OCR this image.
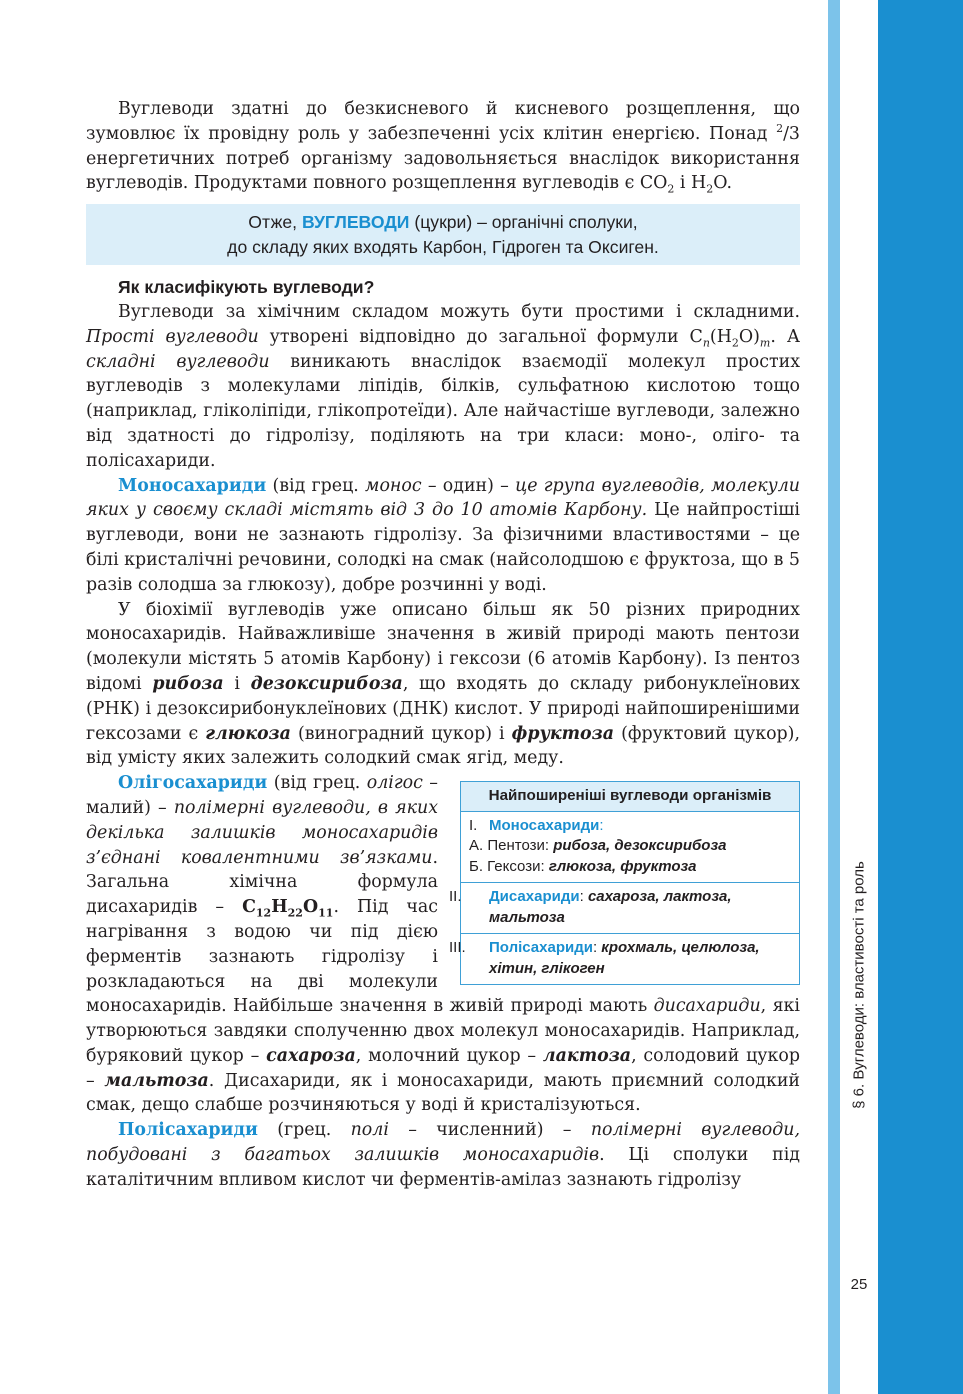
§ 6. Вуглеводи: властивості та роль
25

Вуглеводи здатні до безкисневого й кисневого розщеплення, що зумовлює їх провідну роль у забезпеченні усіх клітин енергією. Понад $^2$/3 енергетичних потреб організму задовольняється внаслідок використання вуглеводів. Продуктами повного розщеплення вуглеводів є $CO_2$ і $H_2O$.

Отже, ВУГЛЕВОДИ (цукри) – органічні сполуки,
до складу яких входять Карбон, Гідроген та Оксиген.

Як класифікують вуглеводи?

Вуглеводи за хімічним складом можуть бути простими і складними. Прості вуглеводи утворені відповідно до загальної формули $C_n(H_2O)_m$. А складні вуглеводи виникають внаслідок взаємодії молекул простих вуглеводів з молекулами ліпідів, білків, сульфатною кислотою тощо (наприклад, гліколіпіди, глікопротеїди). Але найчастіше вуглеводи, залежно від здатності до гідролізу, поділяють на три класи: моно-, оліго- та полісахариди.

Моносахариди (від грец. монос – один) – це група вуглеводів, молекули яких у своєму складі містять від 3 до 10 атомів Карбону. Це найпростіші вуглеводи, вони не зазнають гідролізу. За фізичними властивостями – це білі кристалічні речовини, солодкі на смак (найсолодшою є фруктоза, що в 5 разів солодша за глюкозу), добре розчинні у воді.

У біохімії вуглеводів уже описано більш як 50 різних природних моносахаридів. Найважливіше значення в живій природі мають пентози (молекули містять 5 атомів Карбону) і гексози (6 атомів Карбону). Із пентоз відомі рибоза і дезоксирибоза, що входять до складу рибонуклеїнових (РНК) і дезоксирибонуклеїнових (ДНК) кислот. У природі найпоширенішими гексозами є глюкоза (виноградний цукор) і фруктоза (фруктовий цукор), від умісту яких залежить солодкий смак ягід, меду.

Найпоширеніші вуглеводи організмів
I. Моносахариди:
А. Пентози: рибоза, дезоксирибоза
Б. Гексози: глюкоза, фруктоза
II. Дисахариди: сахароза, лактоза, мальтоза
III. Полісахариди: крохмаль, целюлоза, хітин, глікоген

Олігосахариди (від грец. олігос – малий) – полімерні вуглеводи, в яких декілька залишків моносахаридів з’єднані ковалентними зв’язками. Загальна хімічна формула дисахаридів – $C_{12}H_{22}O_{11}$. Під час нагрівання з водою чи під дією ферментів зазнають гідролізу і розкладаються на дві молекули моносахаридів. Найбільше значення в живій природі мають дисахариди, які утворюються завдяки сполученню двох молекул моносахаридів. Наприклад, буряковий цукор – сахароза, молочний цукор – лактоза, солодовий цукор – мальтоза. Дисахариди, як і моносахариди, мають приємний солодкий смак, дещо слабше розчиняються у воді й кристалізуються.

Полісахариди (грец. полі – численний) – полімерні вуглеводи, побудовані з багатьох залишків моносахаридів. Ці сполуки під каталітичним впливом кислот чи ферментів-амілаз зазнають гідролізу
